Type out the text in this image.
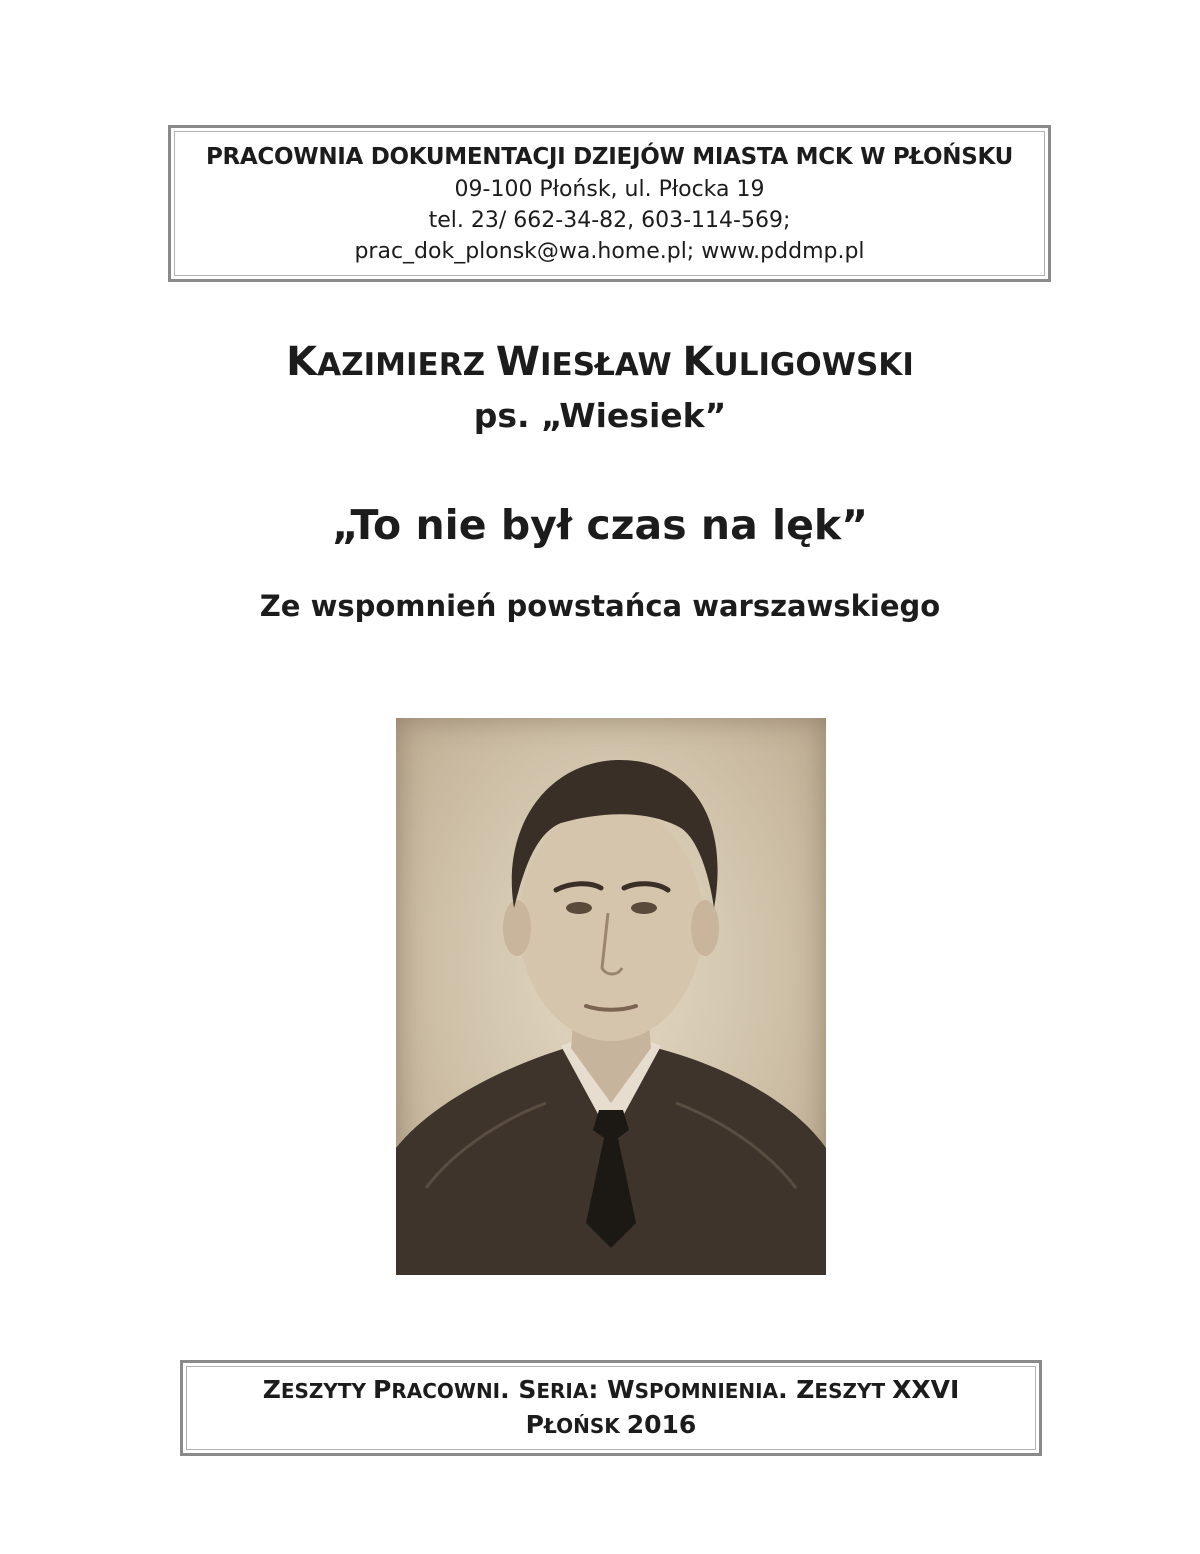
PRACOWNIA DOKUMENTACJI DZIEJÓW MIASTA MCK W PŁOŃSKU
09-100 Płońsk, ul. Płocka 19
tel. 23/ 662-34-82, 603-114-569;
prac_dok_plonsk@wa.home.pl; www.pddmp.pl
KAZIMIERZ WIESŁAW KULIGOWSKI
ps. „Wiesiek”
„To nie był czas na lęk”
Ze wspomnień powstańca warszawskiego
ZESZYTY PRACOWNI. SERIA: WSPOMNIENIA. ZESZYT XXVI
PŁOŃSK 2016
